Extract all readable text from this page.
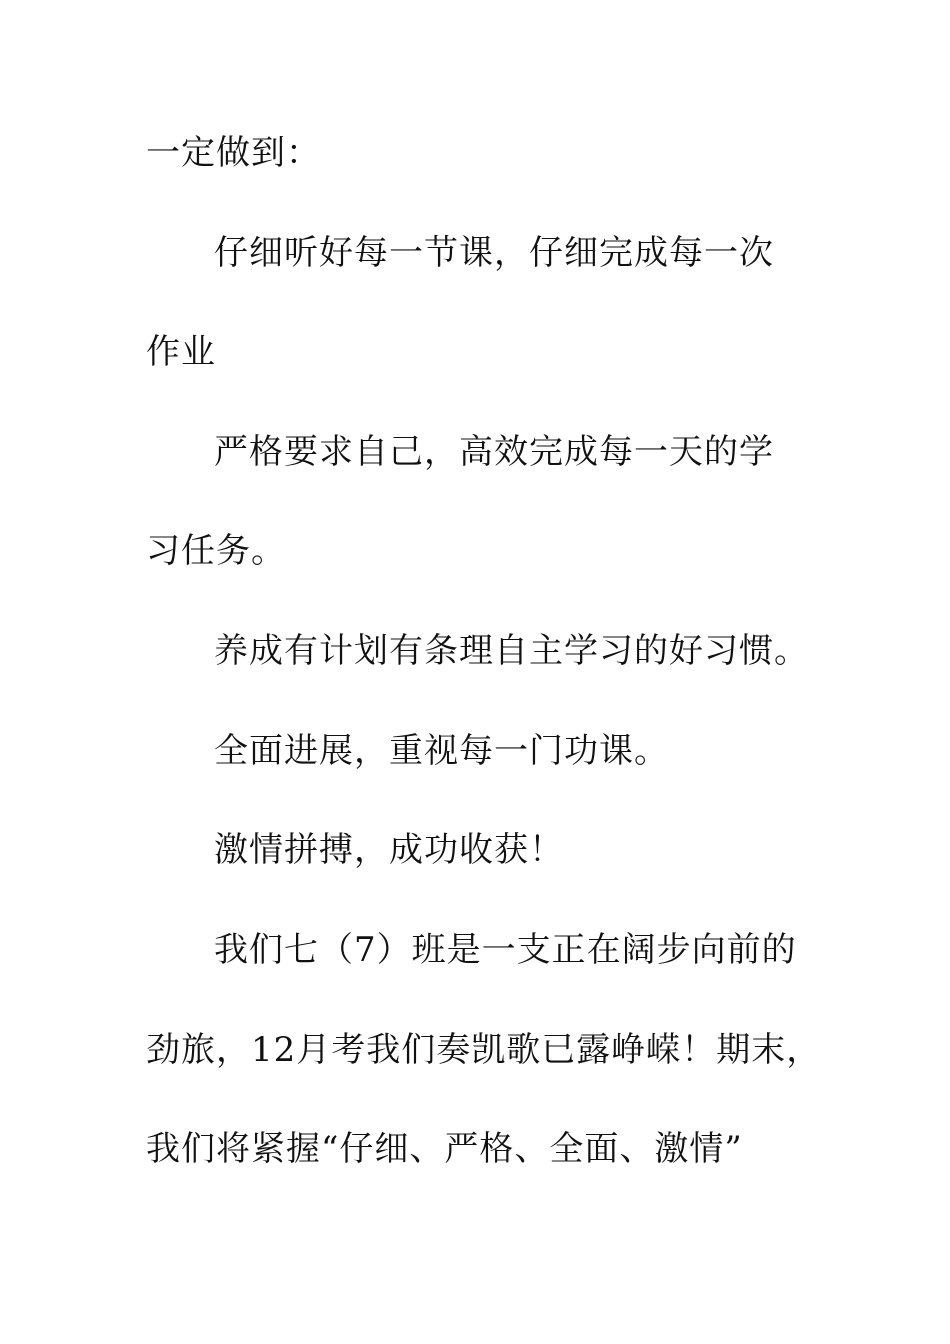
一定做到：
仔细听好每一节课，仔细完成每一次
作业
严格要求自己，高效完成每一天的学
习任务。
养成有计划有条理自主学习的好习惯。
全面进展，重视每一门功课。
激情拼搏，成功收获！
我们七（7）班是一支正在阔步向前的
劲旅，12月考我们奏凯歌已露峥嵘！期末，
我们将紧握“仔细、严格、全面、激情”
